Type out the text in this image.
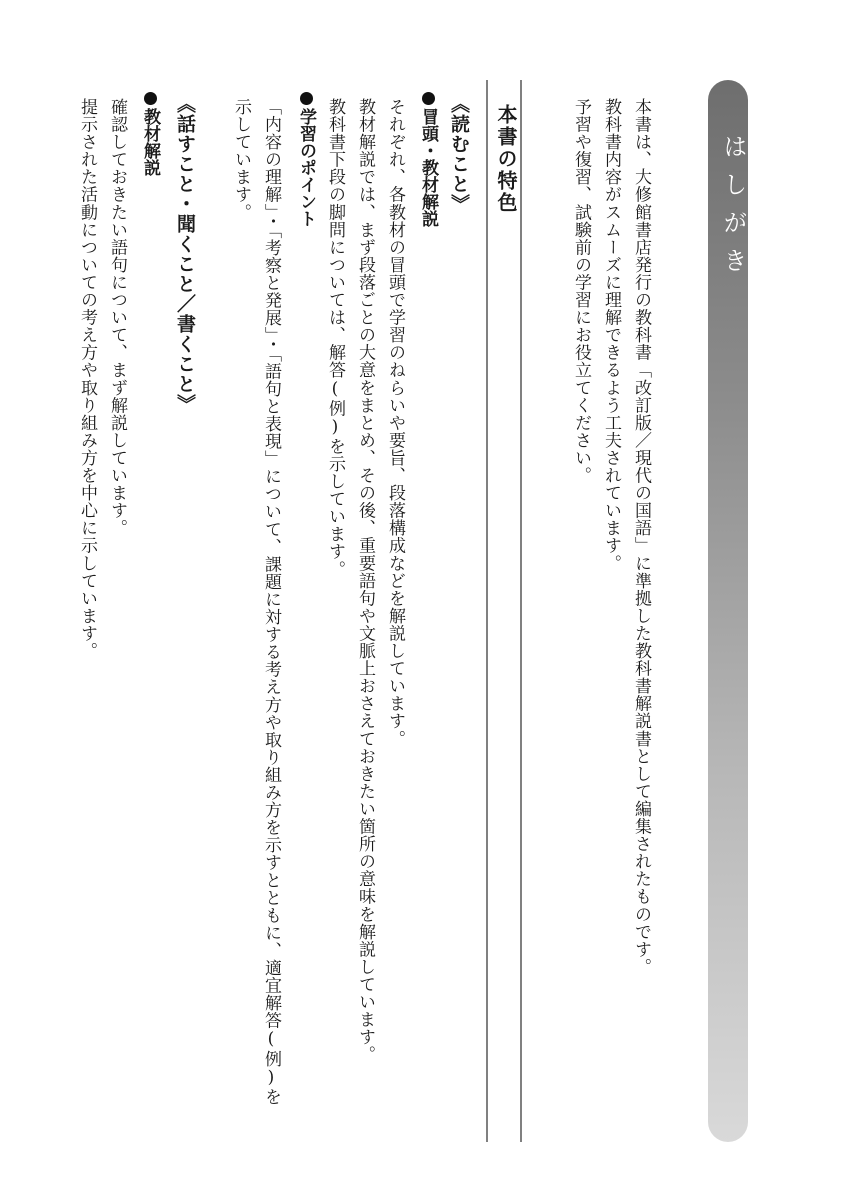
はしがき
本書は、大修館書店発行の教科書「改訂版／現代の国語」に準拠した教科書解説書として編集されたものです。
教科書内容がスムーズに理解できるよう工夫されています。
予習や復習、試験前の学習にお役立てください。
本書の特色
《読むこと》
冒頭・教材解説
それぞれ、各教材の冒頭で学習のねらいや要旨、段落構成などを解説しています。
教材解説では、まず段落ごとの大意をまとめ、その後、重要語句や文脈上おさえておきたい箇所の意味を解説しています。
教科書下段の脚問については、解答(例)を示しています。
学習のポイント
「内容の理解」・「考察と発展」・「語句と表現」について、課題に対する考え方や取り組み方を示すとともに、適宜解答(例)を
示しています。
《話すこと・聞くこと／書くこと》
教材解説
確認しておきたい語句について、まず解説しています。
提示された活動についての考え方や取り組み方を中心に示しています。
